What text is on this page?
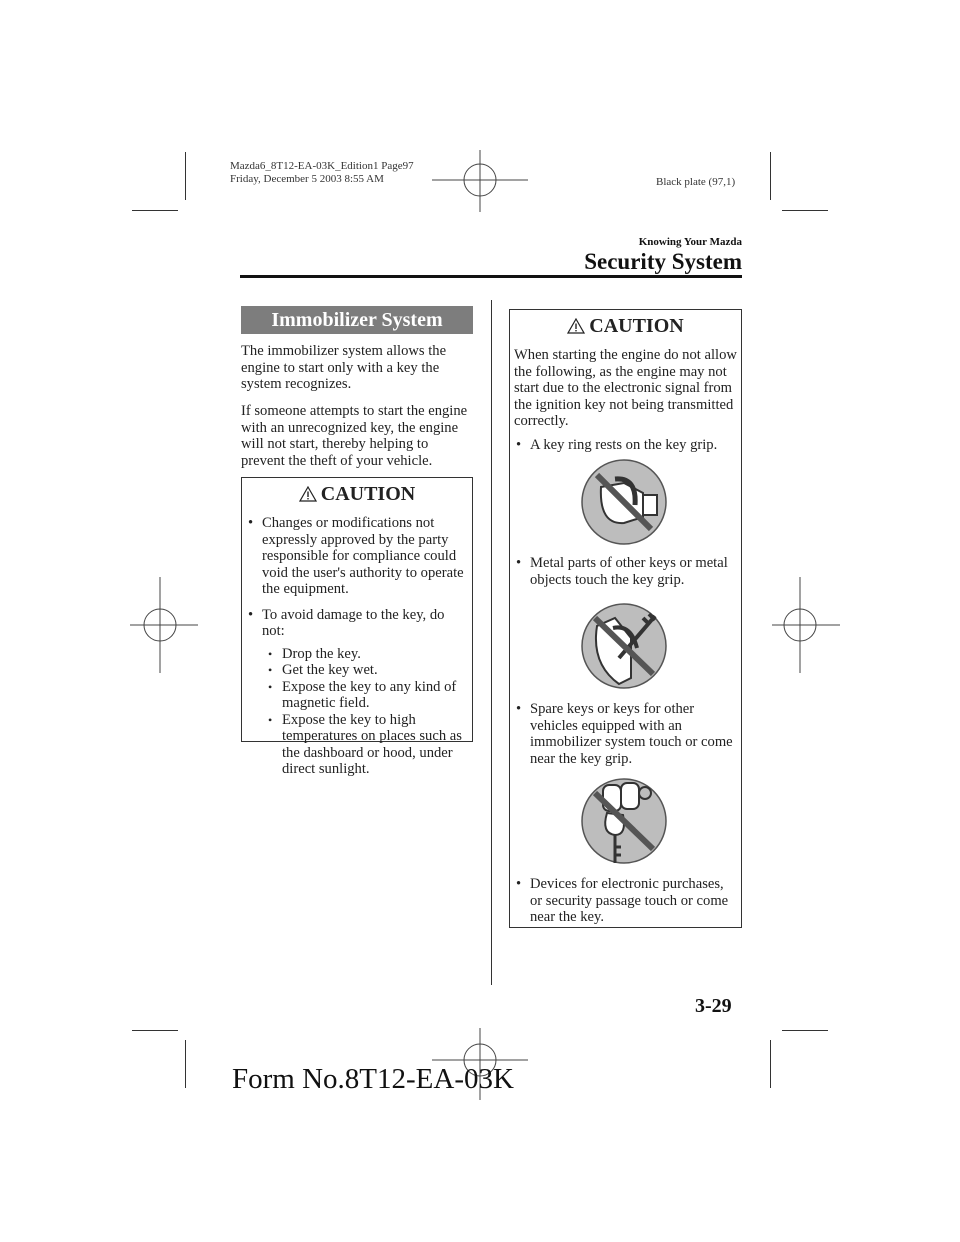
Mazda6_8T12-EA-03K_Edition1 Page97
Friday, December 5 2003 8:55 AM	Black plate (97,1)
Knowing Your Mazda
Security System
Immobilizer System
The immobilizer system allows the engine to start only with a key the system recognizes.
If someone attempts to start the engine with an unrecognized key, the engine will not start, thereby helping to prevent the theft of your vehicle.
CAUTION
• Changes or modifications not expressly approved by the party responsible for compliance could void the user's authority to operate the equipment.
• To avoid damage to the key, do not:
• Drop the key.
• Get the key wet.
• Expose the key to any kind of magnetic field.
• Expose the key to high temperatures on places such as the dashboard or hood, under direct sunlight.
CAUTION
When starting the engine do not allow the following, as the engine may not start due to the electronic signal from the ignition key not being transmitted correctly.
• A key ring rests on the key grip.
• Metal parts of other keys or metal objects touch the key grip.
• Spare keys or keys for other vehicles equipped with an immobilizer system touch or come near the key grip.
• Devices for electronic purchases, or security passage touch or come near the key.
3-29
Form No.8T12-EA-03K
